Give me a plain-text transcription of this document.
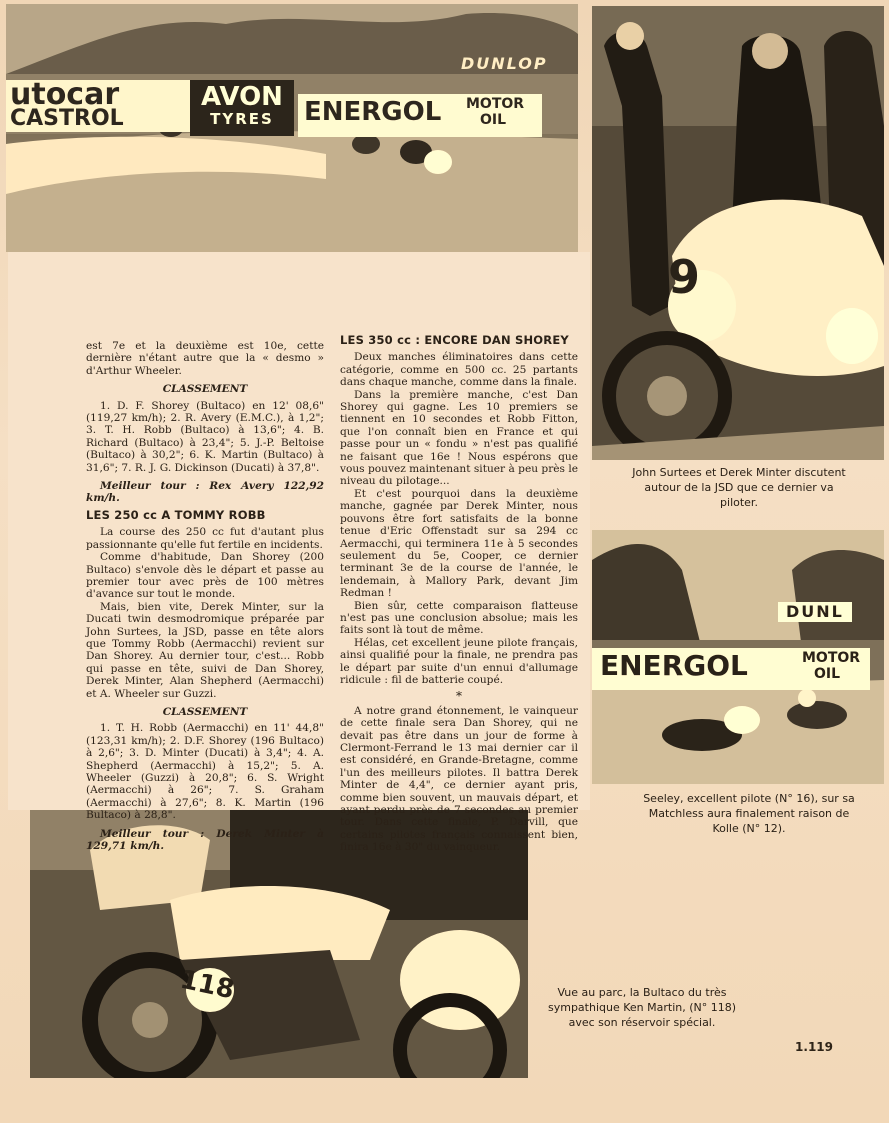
utocar
CASTROL
AVON
TYRES	ENERGOL MOTOR
OIL
DUNLOP
9
John Surtees et Derek Minter discutent autour de la JSD que ce dernier va piloter.
DUNL
ENERGOL	MOTOR
OIL
Seeley, excellent pilote (N° 16), sur sa Matchless aura finalement raison de Kolle (N° 12).
118	Vue au parc, la Bultaco du très sympathique Ken Martin, (N° 118) avec son réservoir spécial.

est 7e et la deuxième est 10e, cette dernière n'étant autre que la « desmo » d'Arthur Wheeler.

CLASSEMENT

1. D. F. Shorey (Bultaco) en 12' 08,6" (119,27 km/h); 2. R. Avery (E.M.C.), à 1,2"; 3. T. H. Robb (Bultaco) à 13,6"; 4. B. Richard (Bultaco) à 23,4"; 5. J.-P. Beltoise (Bultaco) à 30,2"; 6. K. Martin (Bultaco) à 31,6"; 7. R. J. G. Dickinson (Ducati) à 37,8".

Meilleur tour : Rex Avery 122,92 km/h.

LES 250 cc A TOMMY ROBB

La course des 250 cc fut d'autant plus passionnante qu'elle fut fertile en incidents.

Comme d'habitude, Dan Shorey (200 Bultaco) s'envole dès le départ et passe au premier tour avec près de 100 mètres d'avance sur tout le monde.

Mais, bien vite, Derek Minter, sur la Ducati twin desmodromique préparée par John Surtees, la JSD, passe en tête alors que Tommy Robb (Aermacchi) revient sur Dan Shorey. Au dernier tour, c'est... Robb qui passe en tête, suivi de Dan Shorey, Derek Minter, Alan Shepherd (Aermacchi) et A. Wheeler sur Guzzi.

CLASSEMENT

1. T. H. Robb (Aermacchi) en 11' 44,8" (123,31 km/h); 2. D.F. Shorey (196 Bultaco) à 2,6"; 3. D. Minter (Ducati) à 3,4"; 4. A. Shepherd (Aermacchi) à 15,2"; 5. A. Wheeler (Guzzi) à 20,8"; 6. S. Wright (Aermacchi) à 26"; 7. S. Graham (Aermacchi) à 27,6"; 8. K. Martin (196 Bultaco) à 28,8".

Meilleur tour : Derek Minter à 129,71 km/h.

LES 350 cc : ENCORE DAN SHOREY

Deux manches éliminatoires dans cette catégorie, comme en 500 cc. 25 partants dans chaque manche, comme dans la finale.

Dans la première manche, c'est Dan Shorey qui gagne. Les 10 premiers se tiennent en 10 secondes et Robb Fitton, que l'on connaît bien en France et qui passe pour un « fondu » n'est pas qualifié ne faisant que 16e ! Nous espérons que vous pouvez maintenant situer à peu près le niveau du pilotage...

Et c'est pourquoi dans la deuxième manche, gagnée par Derek Minter, nous pouvons être fort satisfaits de la bonne tenue d'Eric Offenstadt sur sa 294 cc Aermacchi, qui terminera 11e à 5 secondes seulement du 5e, Cooper, ce dernier terminant 3e de la course de l'année, le lendemain, à Mallory Park, devant Jim Redman !

Bien sûr, cette comparaison flatteuse n'est pas une conclusion absolue; mais les faits sont là tout de même.

Hélas, cet excellent jeune pilote français, ainsi qualifié pour la finale, ne prendra pas le départ par suite d'un ennui d'allumage ridicule : fil de batterie coupé.

*

A notre grand étonnement, le vainqueur de cette finale sera Dan Shorey, qui ne devait pas être dans un jour de forme à Clermont-Ferrand le 13 mai dernier car il est considéré, en Grande-Bretagne, comme l'un des meilleurs pilotes. Il battra Derek Minter de 4,4", ce dernier ayant pris, comme bien souvent, un mauvais départ, et ayant perdu près de 7 secondes au premier tour. Dans cette finale, P. Darvill, que certains pilotes français connaissent bien, finira 16e à 30" du vainqueur.

1.119
